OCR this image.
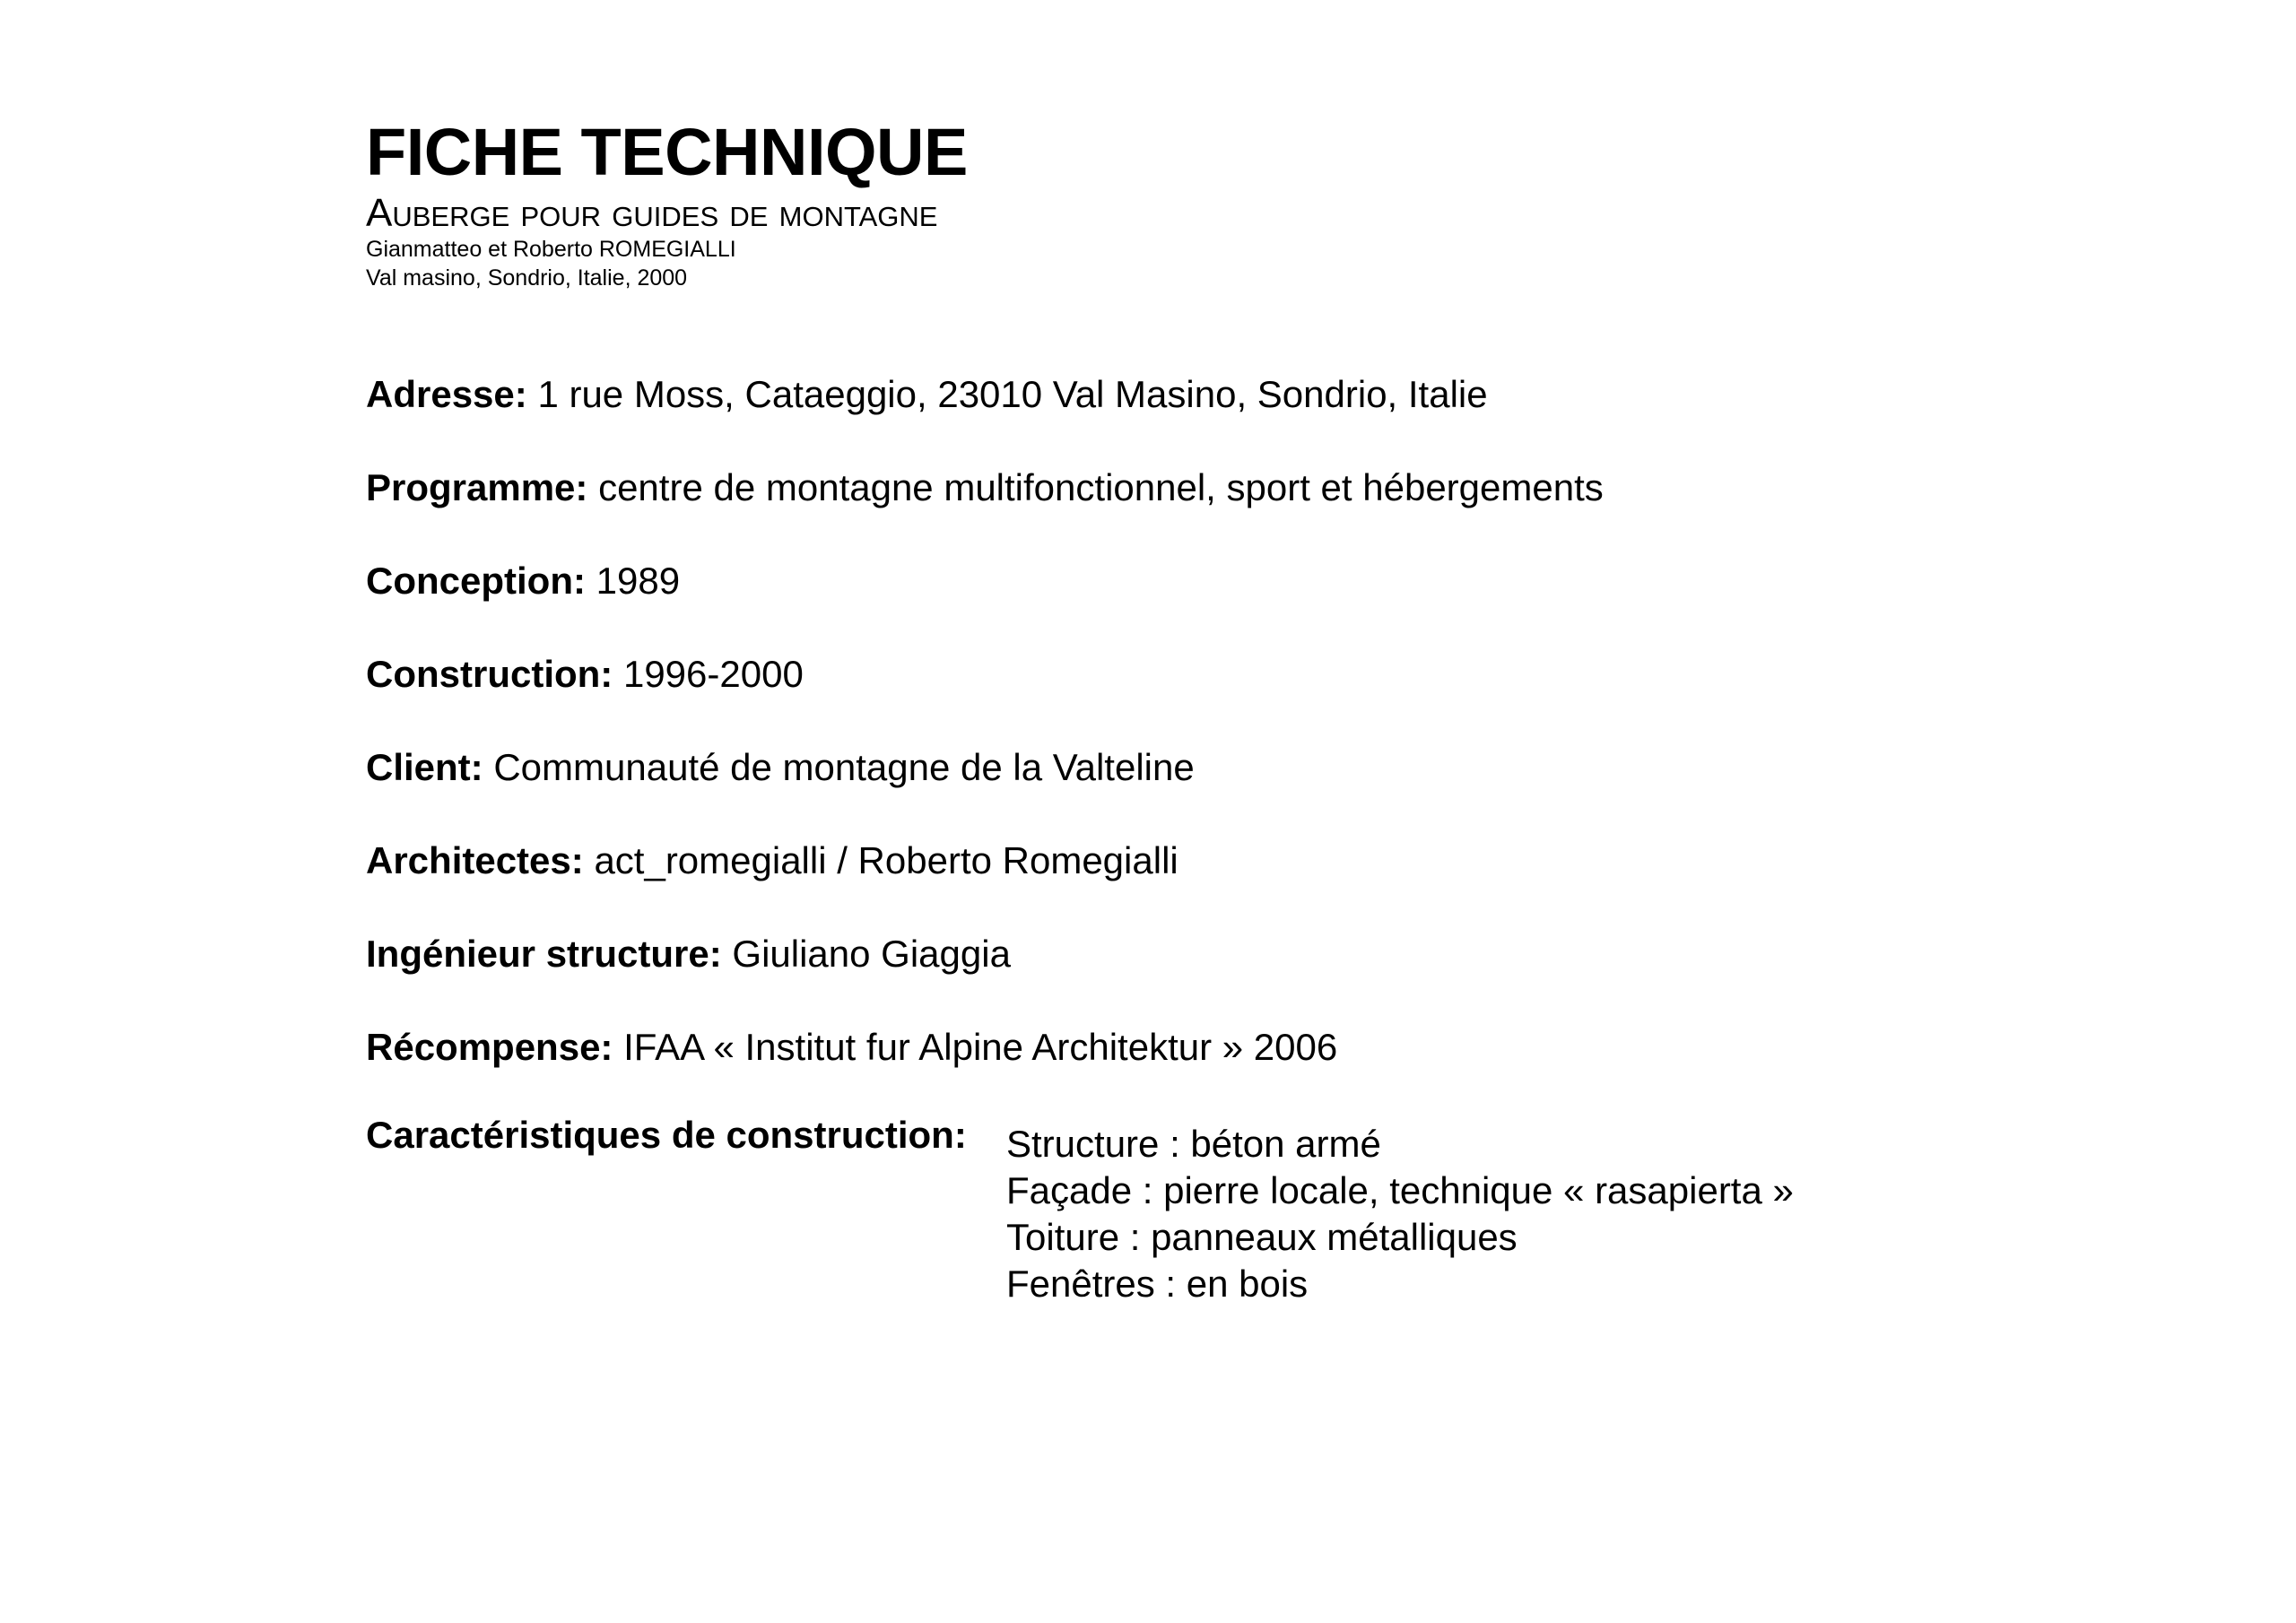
FICHE TECHNIQUE
Auberge pour guides de montagne
Gianmatteo et Roberto ROMEGIALLI
Val masino, Sondrio, Italie, 2000
Adresse: 1 rue Moss, Cataeggio, 23010 Val Masino, Sondrio, Italie
Programme: centre de montagne multifonctionnel, sport et hébergements
Conception: 1989
Construction: 1996-2000
Client: Communauté de montagne de la Valteline
Architectes: act_romegialli / Roberto Romegialli
Ingénieur structure: Giuliano Giaggia
Récompense: IFAA « Institut fur Alpine Architektur » 2006
Caractéristiques de construction:	Structure : béton armé
Façade : pierre locale, technique « rasapierta »
Toiture : panneaux métalliques
Fenêtres : en bois
